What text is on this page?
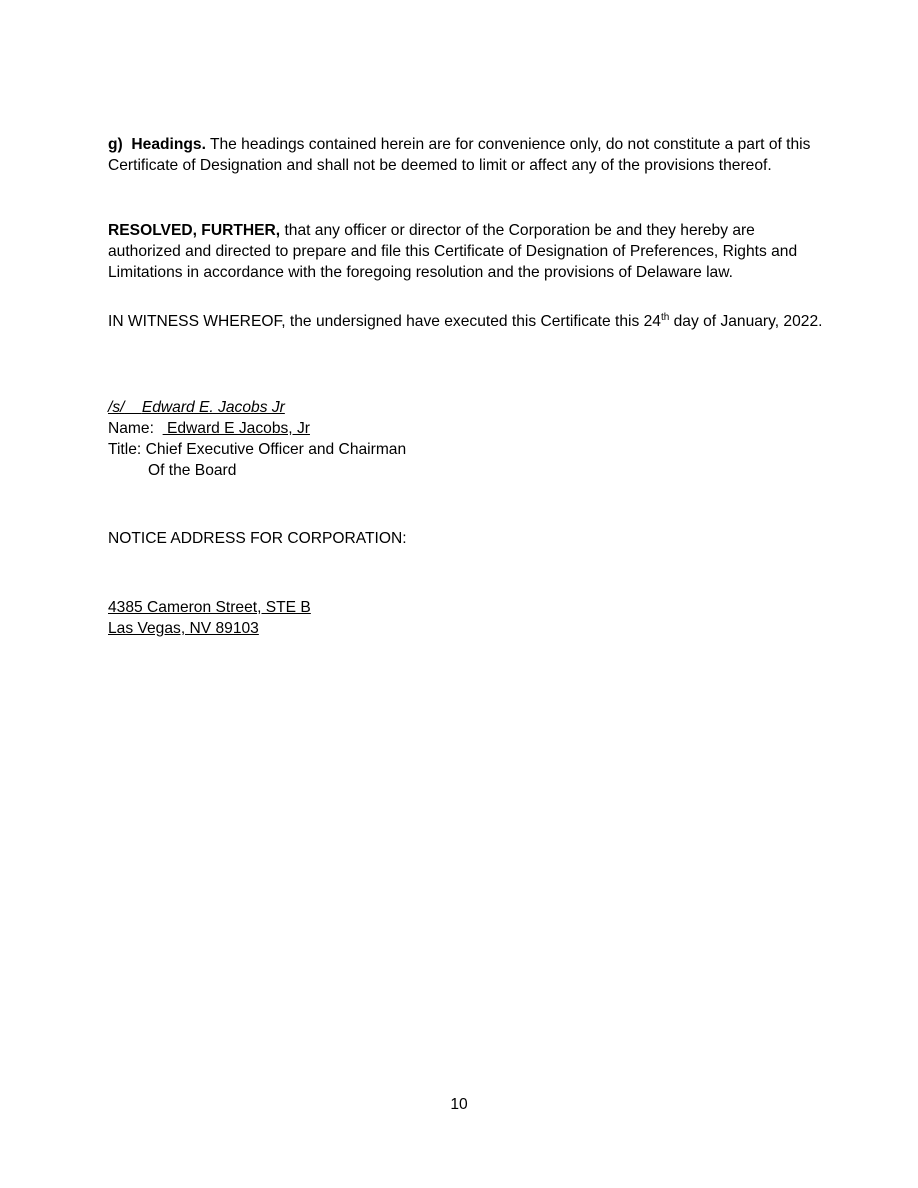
g) Headings. The headings contained herein are for convenience only, do not constitute a part of this Certificate of Designation and shall not be deemed to limit or affect any of the provisions thereof.

RESOLVED, FURTHER, that any officer or director of the Corporation be and they hereby are authorized and directed to prepare and file this Certificate of Designation of Preferences, Rights and Limitations in accordance with the foregoing resolution and the provisions of Delaware law.

IN WITNESS WHEREOF, the undersigned have executed this Certificate this 24th day of January, 2022.

/s/ Edward E. Jacobs Jr
Name:   Edward E Jacobs, Jr
Title: Chief Executive Officer and Chairman
Of the Board
NOTICE ADDRESS FOR CORPORATION:
4385 Cameron Street, STE B
Las Vegas, NV 89103
10
